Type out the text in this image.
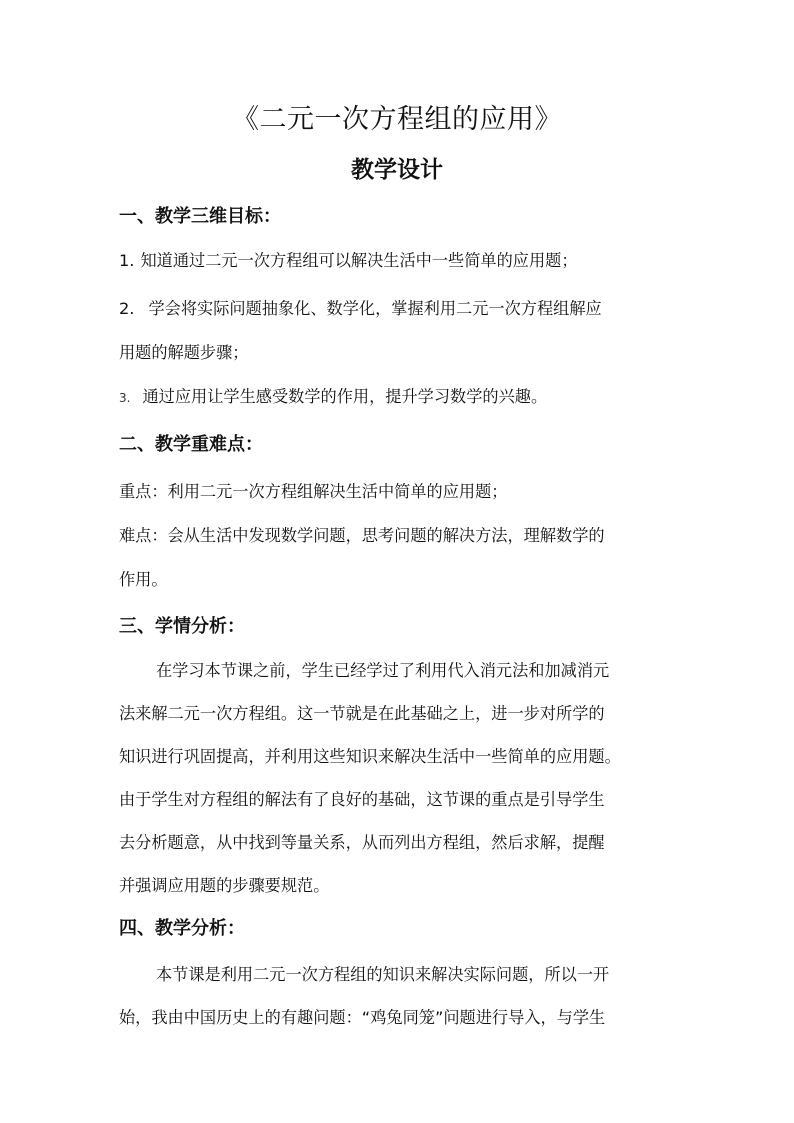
《二元一次方程组的应用》
教学设计
一、教学三维目标：
1. 知道通过二元一次方程组可以解决生活中一些简单的应用题；
2. 学会将实际问题抽象化、数学化，掌握利用二元一次方程组解应
用题的解题步骤；
3. 通过应用让学生感受数学的作用，提升学习数学的兴趣。
二、教学重难点：
重点：利用二元一次方程组解决生活中简单的应用题；
难点：会从生活中发现数学问题，思考问题的解决方法，理解数学的
作用。
三、学情分析：
在学习本节课之前，学生已经学过了利用代入消元法和加减消元
法来解二元一次方程组。这一节就是在此基础之上，进一步对所学的
知识进行巩固提高，并利用这些知识来解决生活中一些简单的应用题。
由于学生对方程组的解法有了良好的基础，这节课的重点是引导学生
去分析题意，从中找到等量关系，从而列出方程组，然后求解，提醒
并强调应用题的步骤要规范。
四、教学分析：
本节课是利用二元一次方程组的知识来解决实际问题，所以一开
始，我由中国历史上的有趣问题：“鸡兔同笼”问题进行导入，与学生
